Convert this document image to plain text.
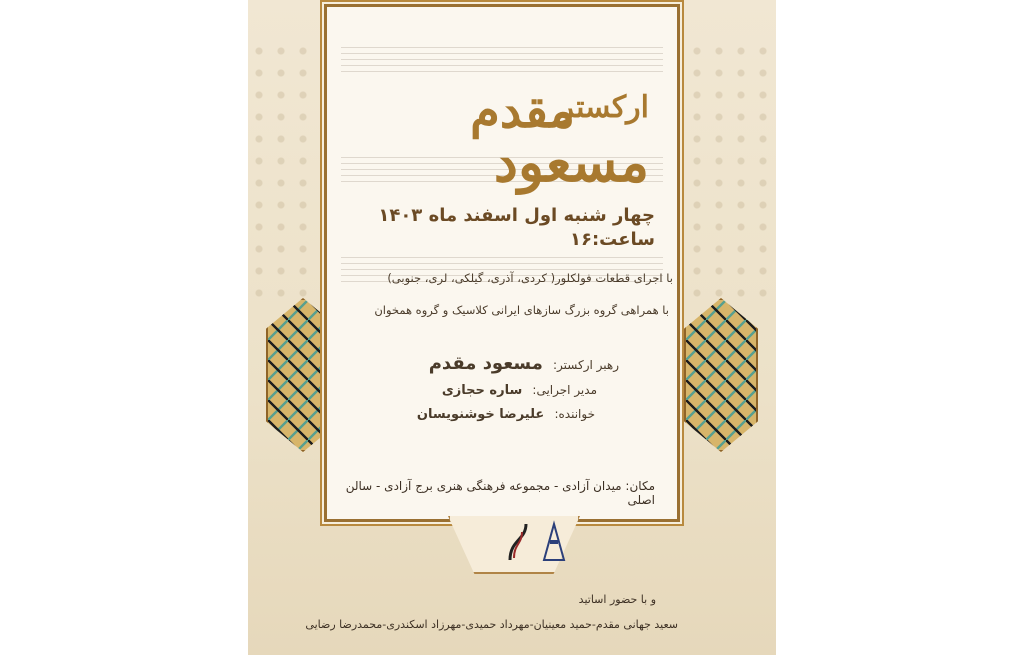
ارکستر
مقدم
مسعود
چهار شنبه اول اسفند ماه ۱۴۰۳
ساعت:۱۶
با اجرای قطعات فولکلور( کردی، آذری، گیلکی، لری، جنوبی)
با همراهی گروه بزرگ سازهای ایرانی کلاسیک و گروه همخوان
رهبر ارکستر: مسعود مقدم
مدیر اجرایی: ساره حجازی
خواننده: علیرضا خوشنویسان
مکان: میدان آزادی - مجموعه فرهنگی هنری برج آزادی - سالن اصلی
و با حضور اساتید
سعید جهانی مقدم-حمید معینیان-مهرداد حمیدی-مهرزاد اسکندری-محمدرضا رضایی
